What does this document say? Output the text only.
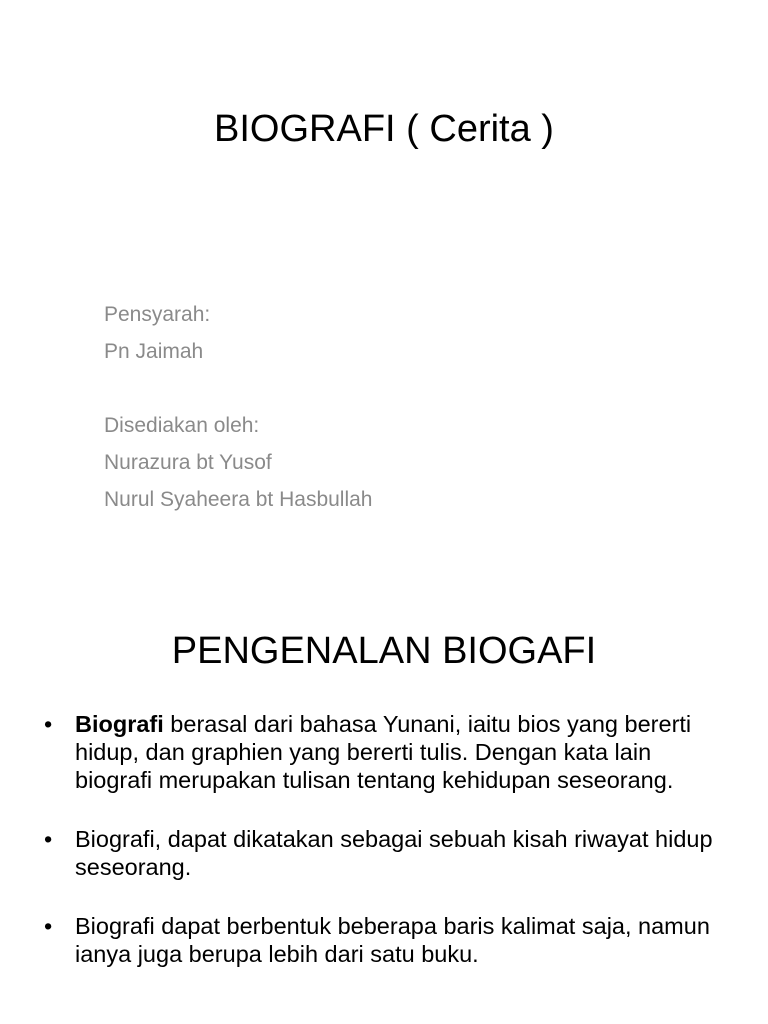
BIOGRAFI ( Cerita )
Pensyarah:
Pn Jaimah
Disediakan oleh:
Nurazura bt Yusof
Nurul Syaheera bt Hasbullah
PENGENALAN BIOGAFI
• Biografi berasal dari bahasa Yunani, iaitu bios yang bererti hidup, dan graphien yang bererti tulis. Dengan kata lain biografi merupakan tulisan tentang kehidupan seseorang.
• Biografi, dapat dikatakan sebagai sebuah kisah riwayat hidup seseorang.
• Biografi dapat berbentuk beberapa baris kalimat saja, namun ianya juga berupa lebih dari satu buku.
